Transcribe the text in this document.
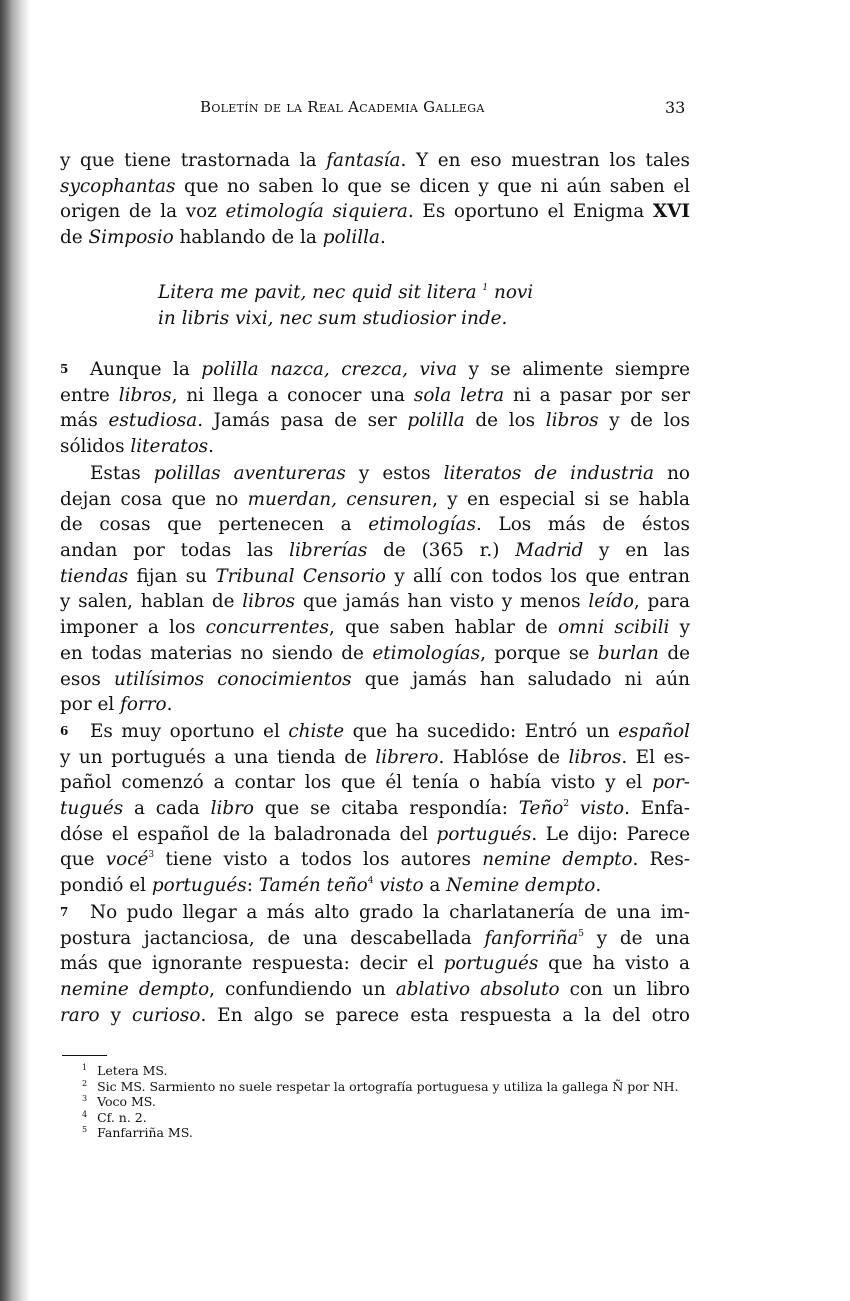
Boletín de la Real Academia Gallega	33
y que tiene trastornada la fantasía. Y en eso muestran los tales
sycophantas que no saben lo que se dicen y que ni aún saben el
origen de la voz etimología siquiera. Es oportuno el Enigma XVI
de Simposio hablando de la polilla.
Litera me pavit, nec quid sit litera $^1$ novi
in libris vixi, nec sum studiosior inde.
5	Aunque la polilla nazca, crezca, viva y se alimente siempre
entre libros, ni llega a conocer una sola letra ni a pasar por ser
más estudiosa. Jamás pasa de ser polilla de los libros y de los
sólidos literatos.
Estas polillas aventureras y estos literatos de industria no
dejan cosa que no muerdan, censuren, y en especial si se habla
de cosas que pertenecen a etimologías. Los más de éstos
andan por todas las librerías de (365 r.) Madrid y en las
tiendas fijan su Tribunal Censorio y allí con todos los que entran
y salen, hablan de libros que jamás han visto y menos leído, para
imponer a los concurrentes, que saben hablar de omni scibili y
en todas materias no siendo de etimologías, porque se burlan de
esos utilísimos conocimientos que jamás han saludado ni aún
por el forro.
6	Es muy oportuno el chiste que ha sucedido: Entró un español
y un portugués a una tienda de librero. Hablóse de libros. El es-
pañol comenzó a contar los que él tenía o había visto y el por-
tugués a cada libro que se citaba respondía: Teño$^2$ visto. Enfa-
dóse el español de la baladronada del portugués. Le dijo: Parece
que vocé$^3$ tiene visto a todos los autores nemine dempto. Res-
pondió el portugués: Tamén teño$^4$ visto a Nemine dempto.
7	No pudo llegar a más alto grado la charlatanería de una im-
postura jactanciosa, de una descabellada fanforriña$^5$ y de una
más que ignorante respuesta: decir el portugués que ha visto a
nemine dempto, confundiendo un ablativo absoluto con un libro
raro y curioso. En algo se parece esta respuesta a la del otro
$^1$ Letera MS.
$^2$ Sic MS. Sarmiento no suele respetar la ortografía portuguesa y utiliza la gallega Ñ por NH.
$^3$ Voco MS.
$^4$ Cf. n. 2.
$^5$ Fanfarriña MS.
